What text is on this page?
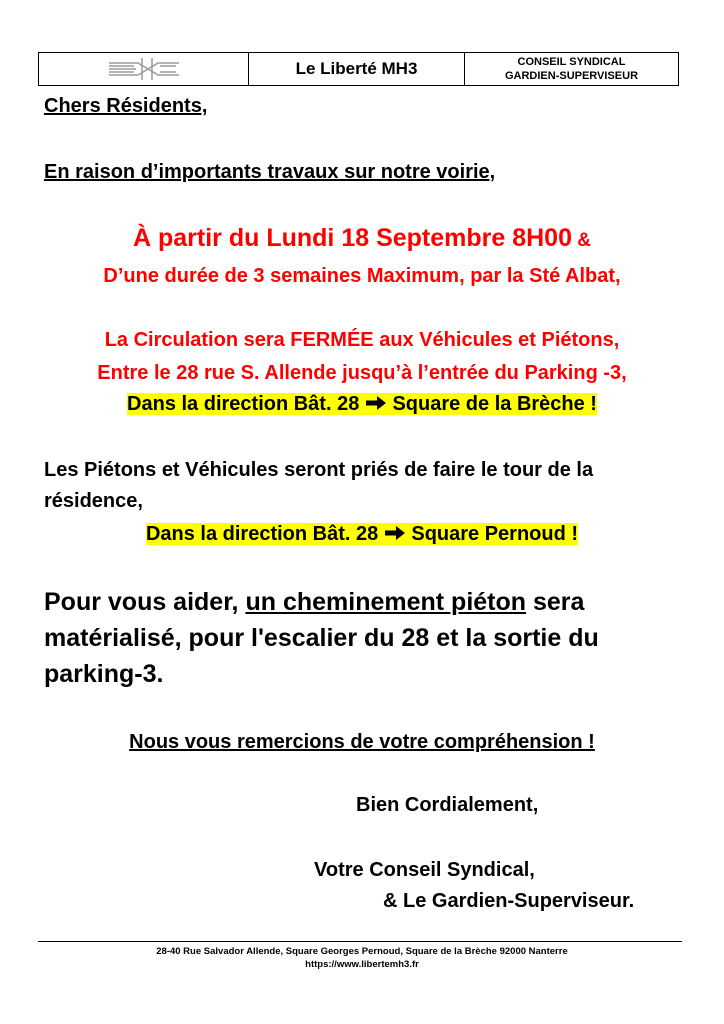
Le Liberté MH3	CONSEIL SYNDICAL
GARDIEN-SUPERVISEUR
Chers Résidents,
En raison d’importants travaux sur notre voirie,
À partir du Lundi 18 Septembre 8H00 &
D’une durée de 3 semaines Maximum, par la Sté Albat,
La Circulation sera FERMÉE aux Véhicules et Piétons,
Entre le 28 rue S. Allende jusqu’à l’entrée du Parking -3,
Dans la direction Bât. 28  Square de la Brèche !
Les Piétons et Véhicules seront priés de faire le tour de la
résidence,
Dans la direction Bât. 28  Square Pernoud !
Pour vous aider, un cheminement piéton sera
matérialisé, pour l'escalier du 28 et la sortie du
parking-3.
Nous vous remercions de votre compréhension !
Bien Cordialement,
Votre Conseil Syndical,
& Le Gardien-Superviseur.
28-40 Rue Salvador Allende, Square Georges Pernoud, Square de la Brèche 92000 Nanterre
https://www.libertemh3.fr
